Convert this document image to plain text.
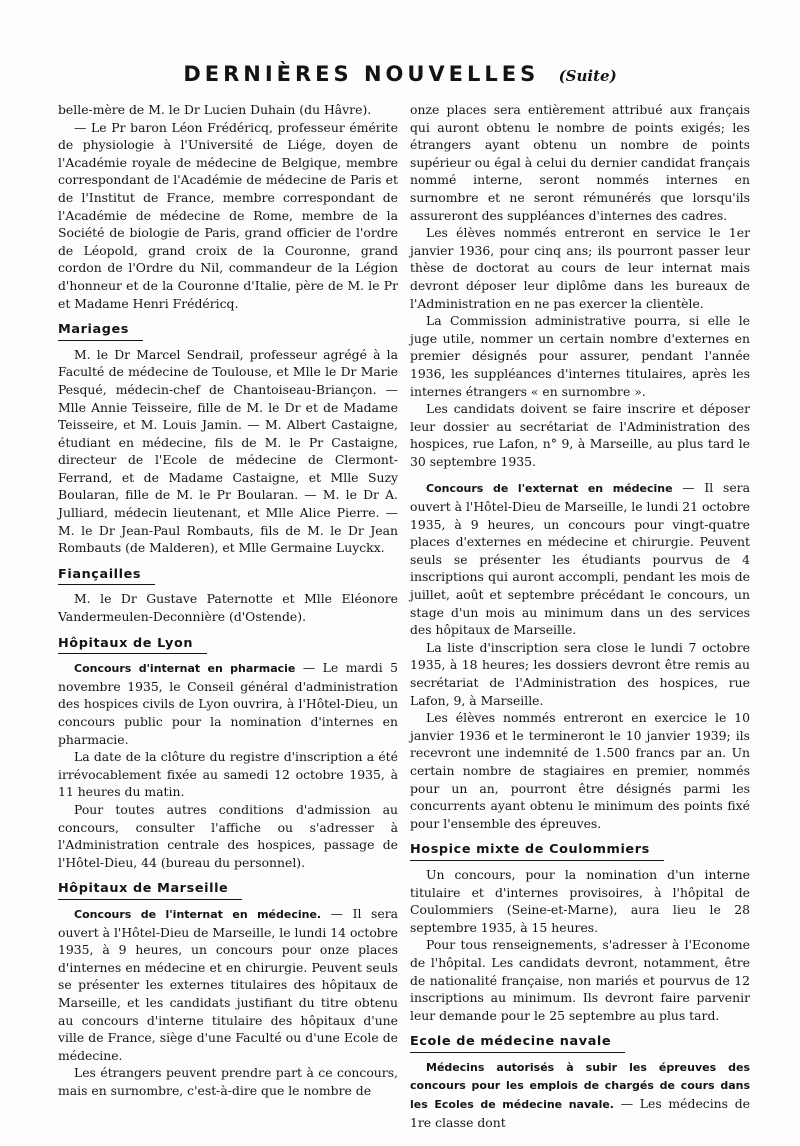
DERNIÈRES NOUVELLES (Suite)

belle-mère de M. le Dr Lucien Duhain (du Hâvre).

— Le Pr baron Léon Frédéricq, professeur émérite de physiologie à l'Université de Liége, doyen de l'Académie royale de médecine de Belgique, membre correspondant de l'Académie de médecine de Paris et de l'Institut de France, membre correspondant de l'Académie de médecine de Rome, membre de la Société de biologie de Paris, grand officier de l'ordre de Léopold, grand croix de la Couronne, grand cordon de l'Ordre du Nil, commandeur de la Légion d'honneur et de la Couronne d'Italie, père de M. le Pr et Madame Henri Frédéricq.

Mariages

M. le Dr Marcel Sendrail, professeur agrégé à la Faculté de médecine de Toulouse, et Mlle le Dr Marie Pesqué, médecin-chef de Chantoiseau-Briançon. — Mlle Annie Teisseire, fille de M. le Dr et de Madame Teisseire, et M. Louis Jamin. — M. Albert Castaigne, étudiant en médecine, fils de M. le Pr Castaigne, directeur de l'Ecole de médecine de Clermont-Ferrand, et de Madame Castaigne, et Mlle Suzy Boularan, fille de M. le Pr Boularan. — M. le Dr A. Julliard, médecin lieutenant, et Mlle Alice Pierre. — M. le Dr Jean-Paul Rombauts, fils de M. le Dr Jean Rombauts (de Malderen), et Mlle Germaine Luyckx.

Fiançailles

M. le Dr Gustave Paternotte et Mlle Eléonore Vandermeulen-Deconnière (d'Ostende).

Hôpitaux de Lyon

Concours d'internat en pharmacie — Le mardi 5 novembre 1935, le Conseil général d'administration des hospices civils de Lyon ouvrira, à l'Hôtel-Dieu, un concours public pour la nomination d'internes en pharmacie.

La date de la clôture du registre d'inscription a été irrévocablement fixée au samedi 12 octobre 1935, à 11 heures du matin.

Pour toutes autres conditions d'admission au concours, consulter l'affiche ou s'adresser à l'Administration centrale des hospices, passage de l'Hôtel-Dieu, 44 (bureau du personnel).

Hôpitaux de Marseille

Concours de l'internat en médecine. — Il sera ouvert à l'Hôtel-Dieu de Marseille, le lundi 14 octobre 1935, à 9 heures, un concours pour onze places d'internes en médecine et en chirurgie. Peuvent seuls se présenter les externes titulaires des hôpitaux de Marseille, et les candidats justifiant du titre obtenu au concours d'interne titulaire des hôpitaux d'une ville de France, siège d'une Faculté ou d'une Ecole de médecine.

Les étrangers peuvent prendre part à ce concours, mais en surnombre, c'est-à-dire que le nombre de

onze places sera entièrement attribué aux français qui auront obtenu le nombre de points exigés; les étrangers ayant obtenu un nombre de points supérieur ou égal à celui du dernier candidat français nommé interne, seront nommés internes en surnombre et ne seront rémunérés que lorsqu'ils assureront des suppléances d'internes des cadres.

Les élèves nommés entreront en service le 1er janvier 1936, pour cinq ans; ils pourront passer leur thèse de doctorat au cours de leur internat mais devront déposer leur diplôme dans les bureaux de l'Administration en ne pas exercer la clientèle.

La Commission administrative pourra, si elle le juge utile, nommer un certain nombre d'externes en premier désignés pour assurer, pendant l'année 1936, les suppléances d'internes titulaires, après les internes étrangers « en surnombre ».

Les candidats doivent se faire inscrire et déposer leur dossier au secrétariat de l'Administration des hospices, rue Lafon, n° 9, à Marseille, au plus tard le 30 septembre 1935.

Concours de l'externat en médecine — Il sera ouvert à l'Hôtel-Dieu de Marseille, le lundi 21 octobre 1935, à 9 heures, un concours pour vingt-quatre places d'externes en médecine et chirurgie. Peuvent seuls se présenter les étudiants pourvus de 4 inscriptions qui auront accompli, pendant les mois de juillet, août et septembre précédant le concours, un stage d'un mois au minimum dans un des services des hôpitaux de Marseille.

La liste d'inscription sera close le lundi 7 octobre 1935, à 18 heures; les dossiers devront être remis au secrétariat de l'Administration des hospices, rue Lafon, 9, à Marseille.

Les élèves nommés entreront en exercice le 10 janvier 1936 et le termineront le 10 janvier 1939; ils recevront une indemnité de 1.500 francs par an. Un certain nombre de stagiaires en premier, nommés pour un an, pourront être désignés parmi les concurrents ayant obtenu le minimum des points fixé pour l'ensemble des épreuves.

Hospice mixte de Coulommiers

Un concours, pour la nomination d'un interne titulaire et d'internes provisoires, à l'hôpital de Coulommiers (Seine-et-Marne), aura lieu le 28 septembre 1935, à 15 heures.

Pour tous renseignements, s'adresser à l'Econome de l'hôpital. Les candidats devront, notamment, être de nationalité française, non mariés et pourvus de 12 inscriptions au minimum. Ils devront faire parvenir leur demande pour le 25 septembre au plus tard.

Ecole de médecine navale

Médecins autorisés à subir les épreuves des concours pour les emplois de chargés de cours dans les Ecoles de médecine navale. — Les médecins de 1re classe dont
